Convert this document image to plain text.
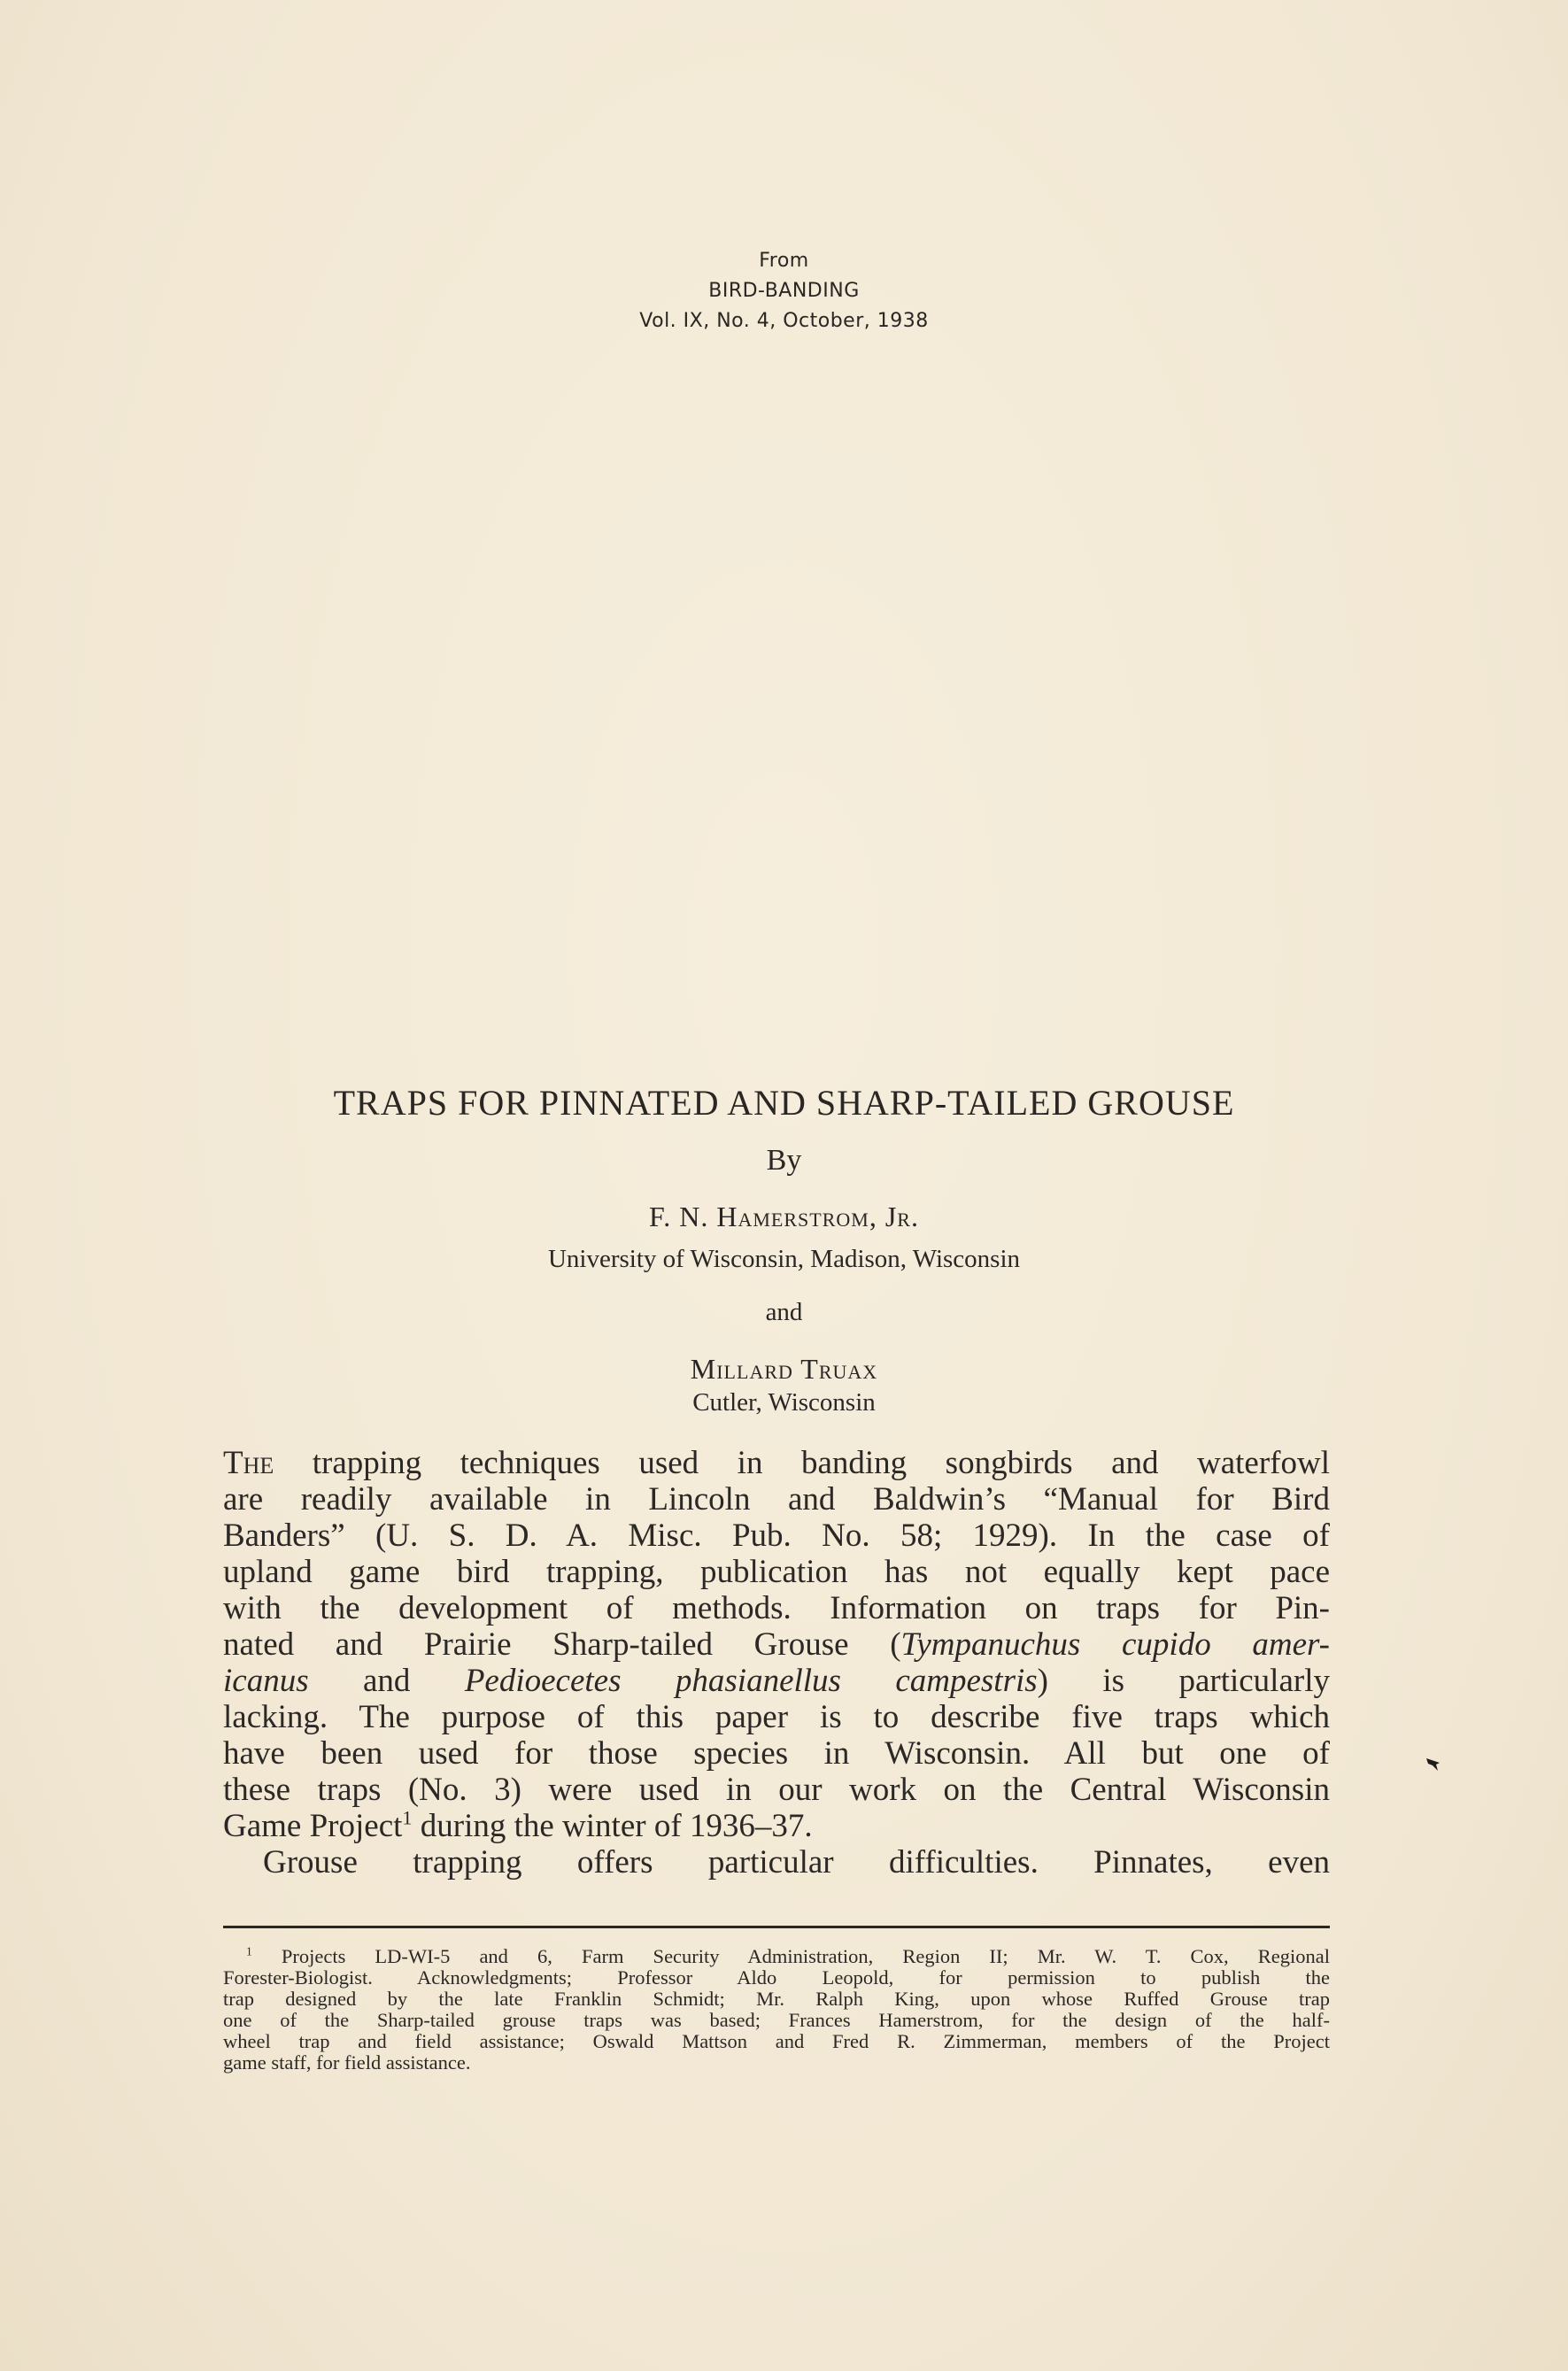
From
BIRD-BANDING
Vol. IX, No. 4, October, 1938
TRAPS FOR PINNATED AND SHARP-TAILED GROUSE
By
F. N. Hamerstrom, Jr.
University of Wisconsin, Madison, Wisconsin
and
Millard Truax
Cutler, Wisconsin
The trapping techniques used in banding songbirds and waterfowl
are readily available in Lincoln and Baldwin’s “Manual for Bird
Banders” (U. S. D. A. Misc. Pub. No. 58; 1929). In the case of
upland game bird trapping, publication has not equally kept pace
with the development of methods. Information on traps for Pin-
nated and Prairie Sharp-tailed Grouse (Tympanuchus cupido amer-
icanus and Pedioecetes phasianellus campestris) is particularly
lacking. The purpose of this paper is to describe five traps which
have been used for those species in Wisconsin. All but one of
these traps (No. 3) were used in our work on the Central Wisconsin
Game Project$^1$ during the winter of 1936–37.
Grouse trapping offers particular difficulties. Pinnates, even
$^1$ Projects LD-WI-5 and 6, Farm Security Administration, Region II; Mr. W. T. Cox, Regional
Forester-Biologist. Acknowledgments; Professor Aldo Leopold, for permission to publish the
trap designed by the late Franklin Schmidt; Mr. Ralph King, upon whose Ruffed Grouse trap
one of the Sharp-tailed grouse traps was based; Frances Hamerstrom, for the design of the half-
wheel trap and field assistance; Oswald Mattson and Fred R. Zimmerman, members of the Project
game staff, for field assistance.
